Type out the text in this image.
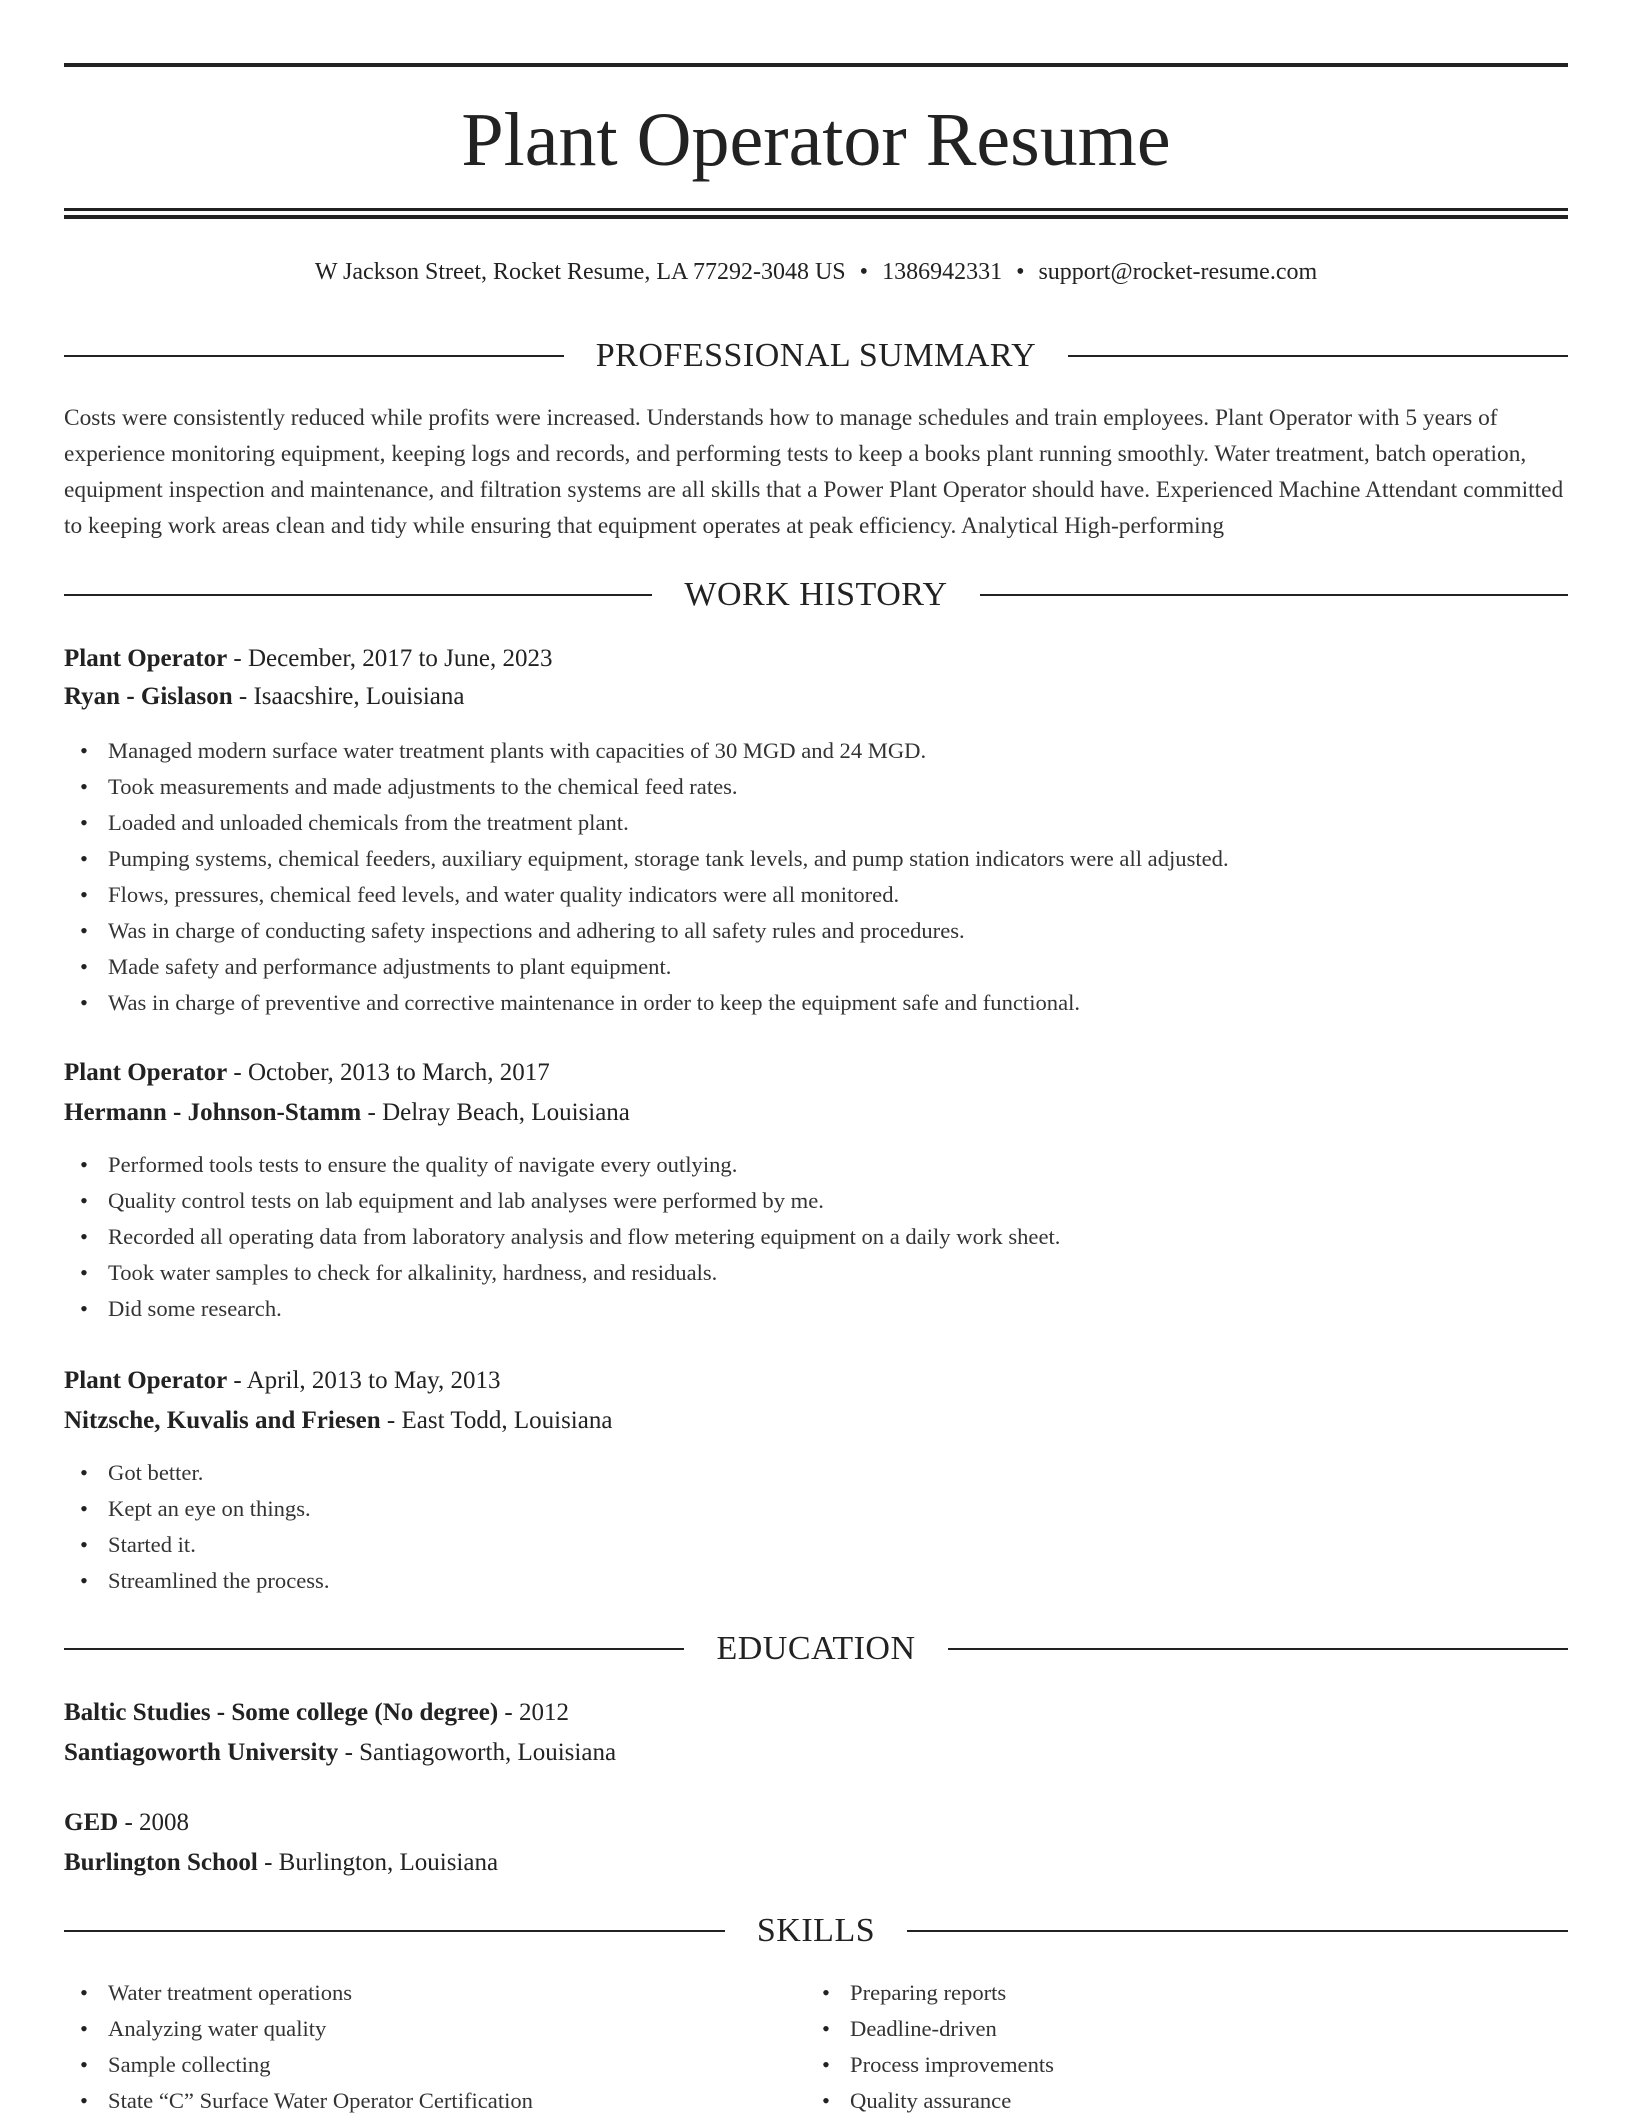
Plant Operator Resume
W Jackson Street, Rocket Resume, LA 77292-3048 US • 1386942331 • support@rocket-resume.com
PROFESSIONAL SUMMARY

Costs were consistently reduced while profits were increased. Understands how to manage schedules and train employees. Plant Operator with 5 years of experience monitoring equipment, keeping logs and records, and performing tests to keep a books plant running smoothly. Water treatment, batch operation, equipment inspection and maintenance, and filtration systems are all skills that a Power Plant Operator should have. Experienced Machine Attendant committed to keeping work areas clean and tidy while ensuring that equipment operates at peak efficiency. Analytical High-performing

WORK HISTORY
Plant Operator - December, 2017 to June, 2023
Ryan - Gislason - Isaacshire, Louisiana
• Managed modern surface water treatment plants with capacities of 30 MGD and 24 MGD.
• Took measurements and made adjustments to the chemical feed rates.
• Loaded and unloaded chemicals from the treatment plant.
• Pumping systems, chemical feeders, auxiliary equipment, storage tank levels, and pump station indicators were all adjusted.
• Flows, pressures, chemical feed levels, and water quality indicators were all monitored.
• Was in charge of conducting safety inspections and adhering to all safety rules and procedures.
• Made safety and performance adjustments to plant equipment.
• Was in charge of preventive and corrective maintenance in order to keep the equipment safe and functional.
Plant Operator - October, 2013 to March, 2017
Hermann - Johnson-Stamm - Delray Beach, Louisiana
• Performed tools tests to ensure the quality of navigate every outlying.
• Quality control tests on lab equipment and lab analyses were performed by me.
• Recorded all operating data from laboratory analysis and flow metering equipment on a daily work sheet.
• Took water samples to check for alkalinity, hardness, and residuals.
• Did some research.
Plant Operator - April, 2013 to May, 2013
Nitzsche, Kuvalis and Friesen - East Todd, Louisiana
• Got better.
• Kept an eye on things.
• Started it.
• Streamlined the process.
EDUCATION
Baltic Studies - Some college (No degree) - 2012
Santiagoworth University - Santiagoworth, Louisiana
GED - 2008
Burlington School - Burlington, Louisiana
SKILLS
• Water treatment operations
• Analyzing water quality
• Sample collecting
• State “C” Surface Water Operator Certification
• Preparing reports
• Deadline-driven
• Process improvements
• Quality assurance
